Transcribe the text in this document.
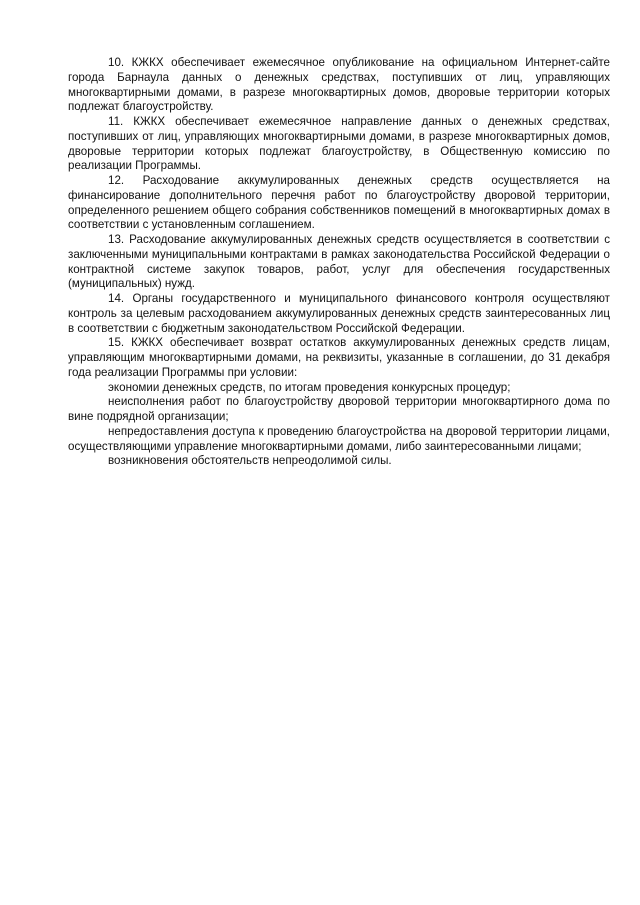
10. КЖКХ обеспечивает ежемесячное опубликование на официальном Интернет-сайте города Барнаула данных о денежных средствах, поступивших от лиц, управляющих многоквартирными домами, в разрезе многоквартирных домов, дворовые территории которых подлежат благоустройству.

11. КЖКХ обеспечивает ежемесячное направление данных о денежных средствах, поступивших от лиц, управляющих многоквартирными домами, в разрезе многоквартирных домов, дворовые территории которых подлежат благоустройству, в Общественную комиссию по реализации Программы.

12. Расходование аккумулированных денежных средств осуществляется на финансирование дополнительного перечня работ по благоустройству дворовой территории, определенного решением общего собрания собственников помещений в многоквартирных домах в соответствии с установленным соглашением.

13. Расходование аккумулированных денежных средств осуществляется в соответствии с заключенными муниципальными контрактами в рамках законодательства Российской Федерации о контрактной системе закупок товаров, работ, услуг для обеспечения государственных (муниципальных) нужд.

14. Органы государственного и муниципального финансового контроля осуществляют контроль за целевым расходованием аккумулированных денежных средств заинтересованных лиц в соответствии с бюджетным законодательством Российской Федерации.

15. КЖКХ обеспечивает возврат остатков аккумулированных денежных средств лицам, управляющим многоквартирными домами, на реквизиты, указанные в соглашении, до 31 декабря года реализации Программы при условии:

экономии денежных средств, по итогам проведения конкурсных процедур;

неисполнения работ по благоустройству дворовой территории многоквартирного дома по вине подрядной организации;

непредоставления доступа к проведению благоустройства на дворовой территории лицами, осуществляющими управление многоквартирными домами, либо заинтересованными лицами;

возникновения обстоятельств непреодолимой силы.
